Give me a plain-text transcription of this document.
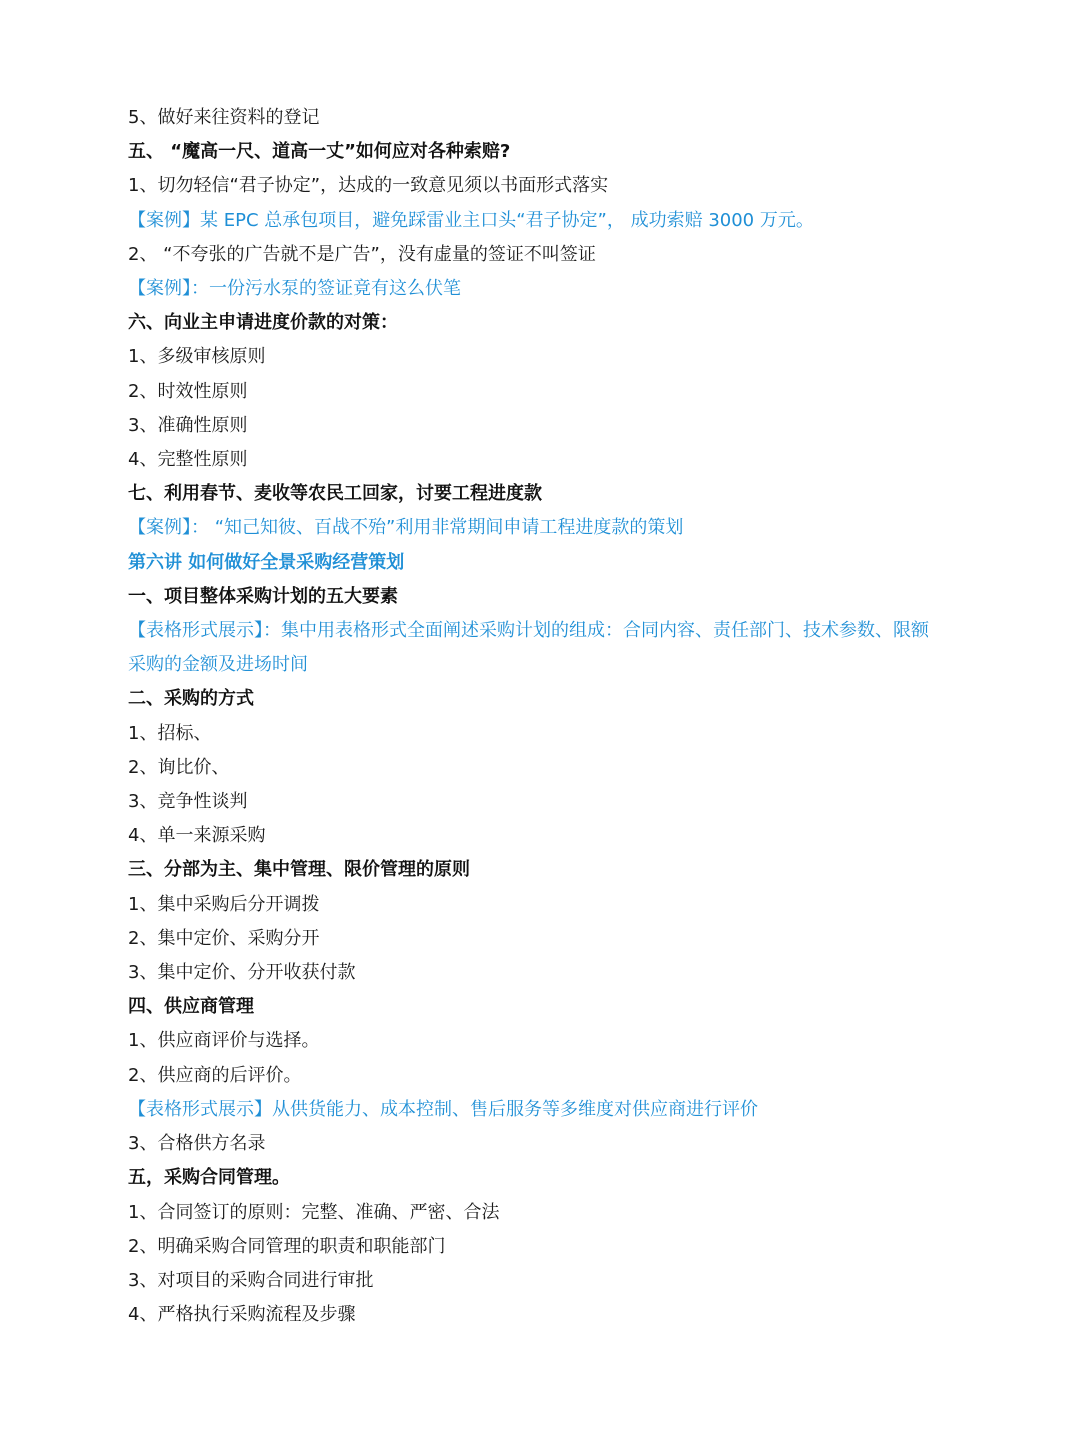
5、做好来往资料的登记
五、 “魔高一尺、道高一丈”如何应对各种索赔?
1、切勿轻信“君子协定”，达成的一致意见须以书面形式落实
【案例】某 EPC 总承包项目，避免踩雷业主口头“君子协定”， 成功索赔 3000 万元。
2、 “不夸张的广告就不是广告”，没有虚量的签证不叫签证
【案例】：一份污水泵的签证竟有这么伏笔
六、向业主申请进度价款的对策：
1、多级审核原则
2、时效性原则
3、准确性原则
4、完整性原则
七、利用春节、麦收等农民工回家，讨要工程进度款
【案例】： “知己知彼、百战不殆”利用非常期间申请工程进度款的策划
第六讲 如何做好全景采购经营策划
一、项目整体采购计划的五大要素
【表格形式展示】：集中用表格形式全面阐述采购计划的组成：合同内容、责任部门、技术参数、限额
采购的金额及进场时间
二、采购的方式
1、招标、
2、询比价、
3、竞争性谈判
4、单一来源采购
三、分部为主、集中管理、限价管理的原则
1、集中采购后分开调拨
2、集中定价、采购分开
3、集中定价、分开收获付款
四、供应商管理
1、供应商评价与选择。
2、供应商的后评价。
【表格形式展示】从供货能力、成本控制、售后服务等多维度对供应商进行评价
3、合格供方名录
五，采购合同管理。
1、合同签订的原则：完整、准确、严密、合法
2、明确采购合同管理的职责和职能部门
3、对项目的采购合同进行审批
4、严格执行采购流程及步骤
